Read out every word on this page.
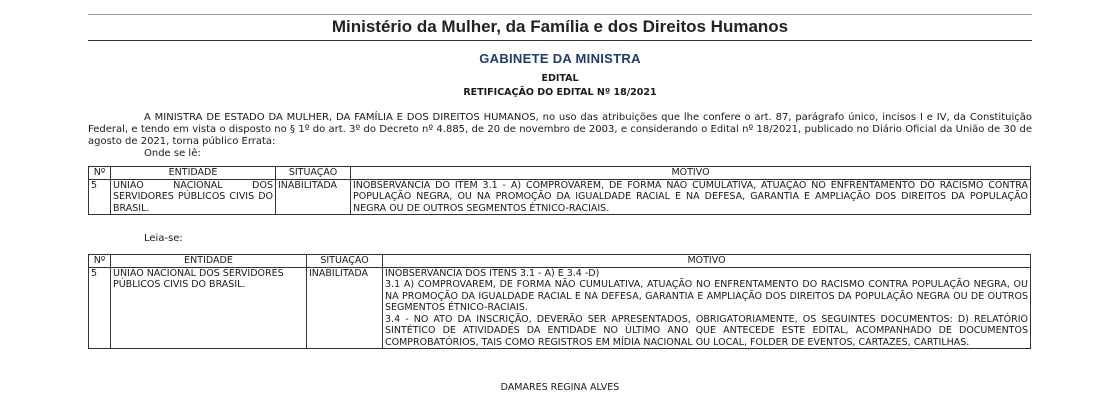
Ministério da Mulher, da Família e dos Direitos Humanos
GABINETE DA MINISTRA
EDITAL
RETIFICAÇÃO DO EDITAL Nº 18/2021

A MINISTRA DE ESTADO DA MULHER, DA FAMÍLIA E DOS DIREITOS HUMANOS, no uso das atribuições que lhe confere o art. 87, parágrafo único, incisos I e IV, da Constituição Federal, e tendo em vista o disposto no § 1º do art. 3º do Decreto nº 4.885, de 20 de novembro de 2003, e considerando o Edital nº 18/2021, publicado no Diário Oficial da União de 30 de agosto de 2021, torna público Errata:

Onde se lê:
Nº	ENTIDADE	SITUAÇÃO	MOTIVO
5	UNIÃO NACIONAL DOS SERVIDORES PÚBLICOS CIVIS DO BRASIL.	INABILITADA	INOBSERVÂNCIA DO ITEM 3.1 - A) COMPROVAREM, DE FORMA NÃO CUMULATIVA, ATUAÇÃO NO ENFRENTAMENTO DO RACISMO CONTRA POPULAÇÃO NEGRA, OU NA PROMOÇÃO DA IGUALDADE RACIAL E NA DEFESA, GARANTIA E AMPLIAÇÃO DOS DIREITOS DA POPULAÇÃO NEGRA OU DE OUTROS SEGMENTOS ÉTNICO-RACIAIS.
Leia-se:
Nº	ENTIDADE	SITUAÇÃO	MOTIVO
5	UNIÃO NACIONAL DOS SERVIDORES PÚBLICOS CIVIS DO BRASIL.	INABILITADA	INOBSERVÂNCIA DOS ITENS 3.1 - A) E 3.4 -D)
3.1 A) COMPROVAREM, DE FORMA NÃO CUMULATIVA, ATUAÇÃO NO ENFRENTAMENTO DO RACISMO CONTRA POPULAÇÃO NEGRA, OU NA PROMOÇÃO DA IGUALDADE RACIAL E NA DEFESA, GARANTIA E AMPLIAÇÃO DOS DIREITOS DA POPULAÇÃO NEGRA OU DE OUTROS SEGMENTOS ÉTNICO-RACIAIS.
3.4 - NO ATO DA INSCRIÇÃO, DEVERÃO SER APRESENTADOS, OBRIGATORIAMENTE, OS SEGUINTES DOCUMENTOS: D) RELATÓRIO SINTÉTICO DE ATIVIDADES DA ENTIDADE NO ÚLTIMO ANO QUE ANTECEDE ESTE EDITAL, ACOMPANHADO DE DOCUMENTOS COMPROBATÓRIOS, TAIS COMO REGISTROS EM MÍDIA NACIONAL OU LOCAL, FOLDER DE EVENTOS, CARTAZES, CARTILHAS.
DAMARES REGINA ALVES
